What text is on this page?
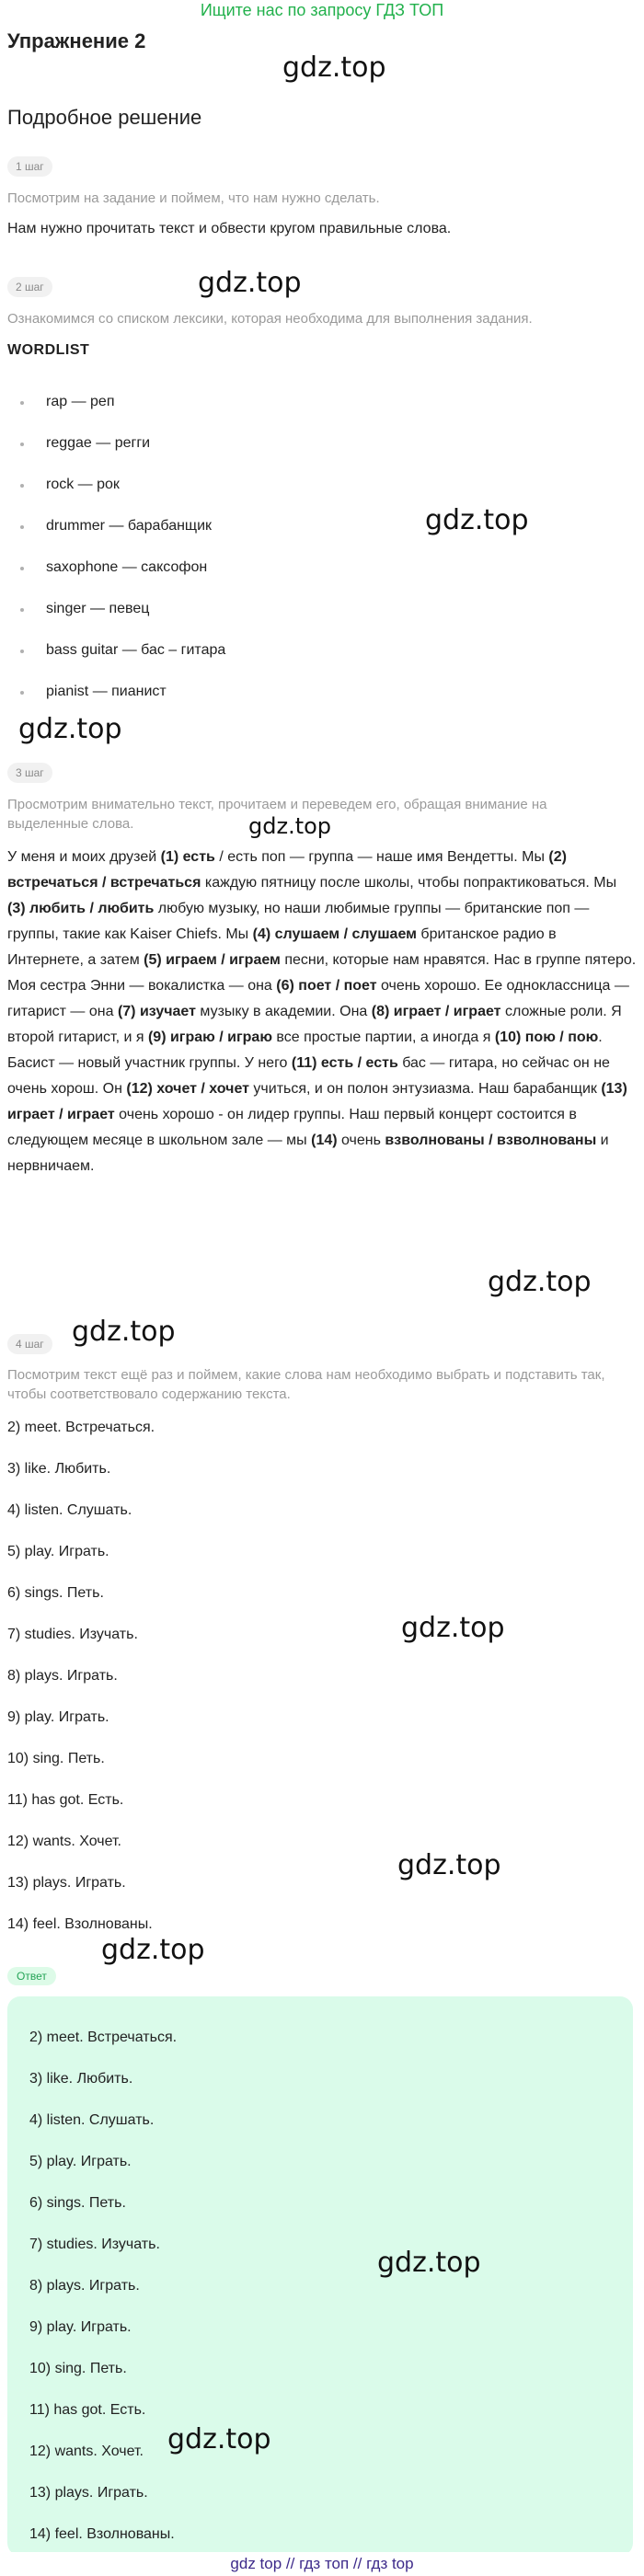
Ищите нас по запросу ГДЗ ТОП
Упражнение 2
gdz.top
Подробное решение
1 шаг
Посмотрим на задание и поймем, что нам нужно сделать.
Нам нужно прочитать текст и обвести кругом правильные слова.
gdz.top
2 шаг
Ознакомимся со списком лексики, которая необходима для выполнения задания.
WORDLIST
rap — реп
reggae — регги
rock — рок
drummer — барабанщик
saxophone — саксофон
singer — певец
bass guitar — бас – гитара
pianist — пианист
gdz.top
gdz.top
3 шаг
Просмотрим внимательно текст, прочитаем и переведем его, обращая внимание на выделенные слова.	gdz.top
У меня и моих друзей (1) есть / есть поп — группа — наше имя Вендетты. Мы (2) встречаться / встречаться каждую пятницу после школы, чтобы попрактиковаться. Мы (3) любить / любить любую музыку, но наши любимые группы — британские поп — группы, такие как Kaiser Chiefs. Мы (4) слушаем / слушаем британское радио в Интернете, а затем (5) играем / играем песни, которые нам нравятся. Нас в группе пятеро. Моя сестра Энни — вокалистка — она (6) поет / поет очень хорошо. Ее одноклассница — гитарист — она (7) изучает музыку в академии. Она (8) играет / играет сложные роли. Я второй гитарист, и я (9) играю / играю все простые партии, а иногда я (10) пою / пою. Басист — новый участник группы. У него (11) есть / есть бас — гитара, но сейчас он не очень хорош. Он (12) хочет / хочет учиться, и он полон энтузиазма. Наш барабанщик (13) играет / играет очень хорошо - он лидер группы. Наш первый концерт состоится в следующем месяце в школьном зале — мы (14) очень взволнованы / взволнованы и нервничаем.
gdz.top
gdz.top
4 шаг
Посмотрим текст ещё раз и поймем, какие слова нам необходимо выбрать и подставить так, чтобы соответствовало содержанию текста.
2) meet. Встречаться.
3) like. Любить.
4) listen. Слушать.
5) play. Играть.
6) sings. Петь.
7) studies. Изучать.
8) plays. Играть.
9) play. Играть.
10) sing. Петь.
11) has got. Есть.
12) wants. Хочет.
13) plays. Играть.
14) feel. Взолнованы.
gdz.top
gdz.top
gdz.top
Ответ
2) meet. Встречаться.
3) like. Любить.
4) listen. Слушать.
5) play. Играть.
6) sings. Петь.
7) studies. Изучать.
8) plays. Играть.
9) play. Играть.
10) sing. Петь.
11) has got. Есть.
12) wants. Хочет.
13) plays. Играть.
14) feel. Взолнованы.
gdz.top
gdz.top
gdz top // гдз топ // гдз top
